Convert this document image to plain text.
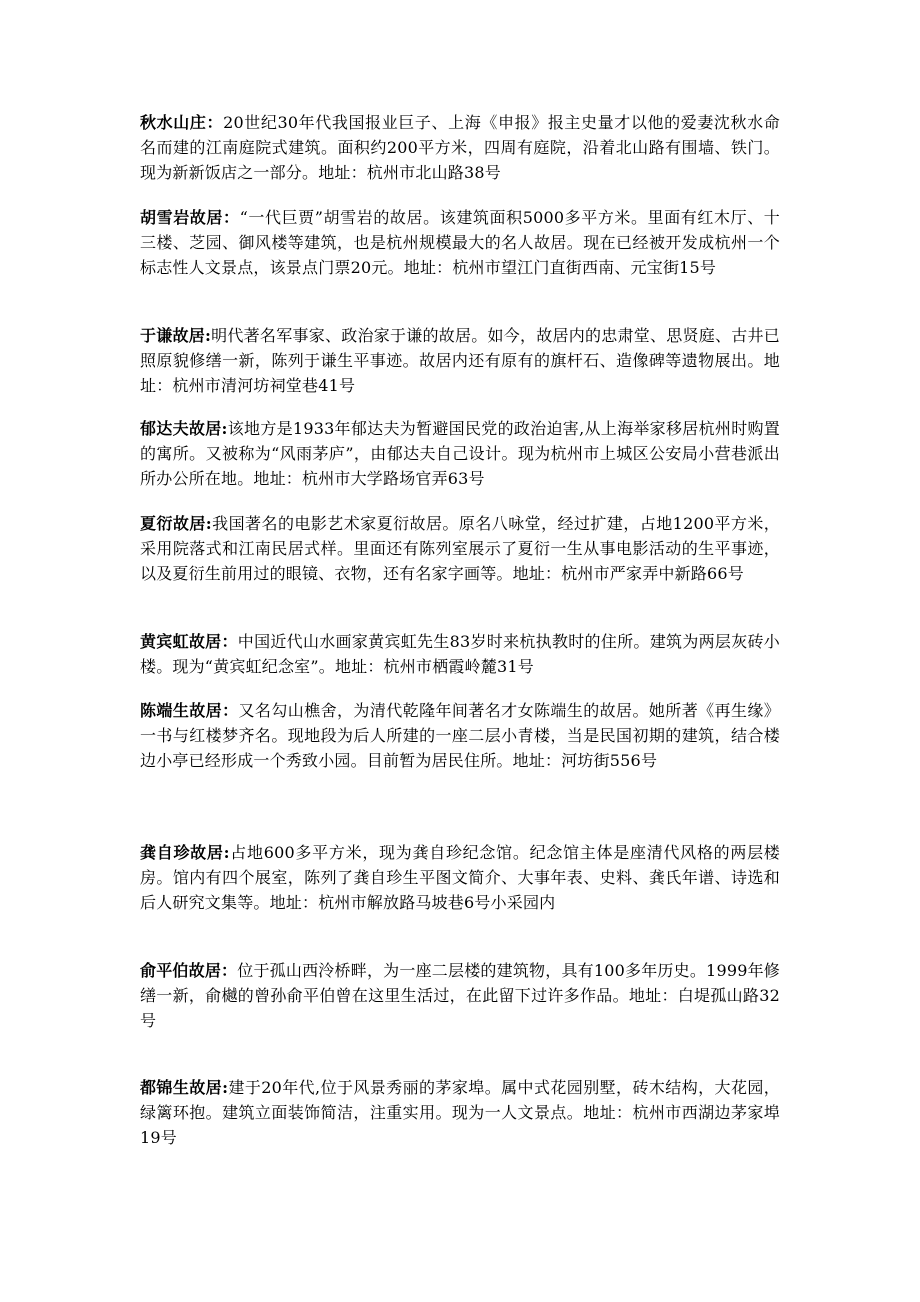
秋水山庄：20世纪30年代我国报业巨子、上海《申报》报主史量才以他的爱妻沈秋水命名而建的江南庭院式建筑。面积约200平方米，四周有庭院，沿着北山路有围墙、铁门。现为新新饭店之一部分。地址：杭州市北山路38号

胡雪岩故居：“一代巨贾”胡雪岩的故居。该建筑面积5000多平方米。里面有红木厅、十三楼、芝园、御风楼等建筑，也是杭州规模最大的名人故居。现在已经被开发成杭州一个标志性人文景点，该景点门票20元。地址：杭州市望江门直街西南、元宝街15号

于谦故居:明代著名军事家、政治家于谦的故居。如今，故居内的忠肃堂、思贤庭、古井已照原貌修缮一新，陈列于谦生平事迹。故居内还有原有的旗杆石、造像碑等遗物展出。地址：杭州市清河坊祠堂巷41号

郁达夫故居:该地方是1933年郁达夫为暂避国民党的政治迫害,从上海举家移居杭州时购置的寓所。又被称为“风雨茅庐”，由郁达夫自己设计。现为杭州市上城区公安局小营巷派出所办公所在地。地址：杭州市大学路场官弄63号

夏衍故居:我国著名的电影艺术家夏衍故居。原名八咏堂，经过扩建，占地1200平方米，采用院落式和江南民居式样。里面还有陈列室展示了夏衍一生从事电影活动的生平事迹，以及夏衍生前用过的眼镜、衣物，还有名家字画等。地址：杭州市严家弄中新路66号

黄宾虹故居：中国近代山水画家黄宾虹先生83岁时来杭执教时的住所。建筑为两层灰砖小楼。现为“黄宾虹纪念室”。地址：杭州市栖霞岭麓31号

陈端生故居：又名勾山樵舍，为清代乾隆年间著名才女陈端生的故居。她所著《再生缘》一书与红楼梦齐名。现地段为后人所建的一座二层小青楼，当是民国初期的建筑，结合楼边小亭已经形成一个秀致小园。目前暂为居民住所。地址：河坊街556号

龚自珍故居:占地600多平方米，现为龚自珍纪念馆。纪念馆主体是座清代风格的两层楼房。馆内有四个展室，陈列了龚自珍生平图文简介、大事年表、史料、龚氏年谱、诗选和后人研究文集等。地址：杭州市解放路马坡巷6号小采园内

俞平伯故居：位于孤山西泠桥畔，为一座二层楼的建筑物，具有100多年历史。1999年修缮一新，俞樾的曾孙俞平伯曾在这里生活过，在此留下过许多作品。地址：白堤孤山路32号

都锦生故居:建于20年代,位于风景秀丽的茅家埠。属中式花园别墅，砖木结构，大花园，绿篱环抱。建筑立面装饰简洁，注重实用。现为一人文景点。地址：杭州市西湖边茅家埠19号
